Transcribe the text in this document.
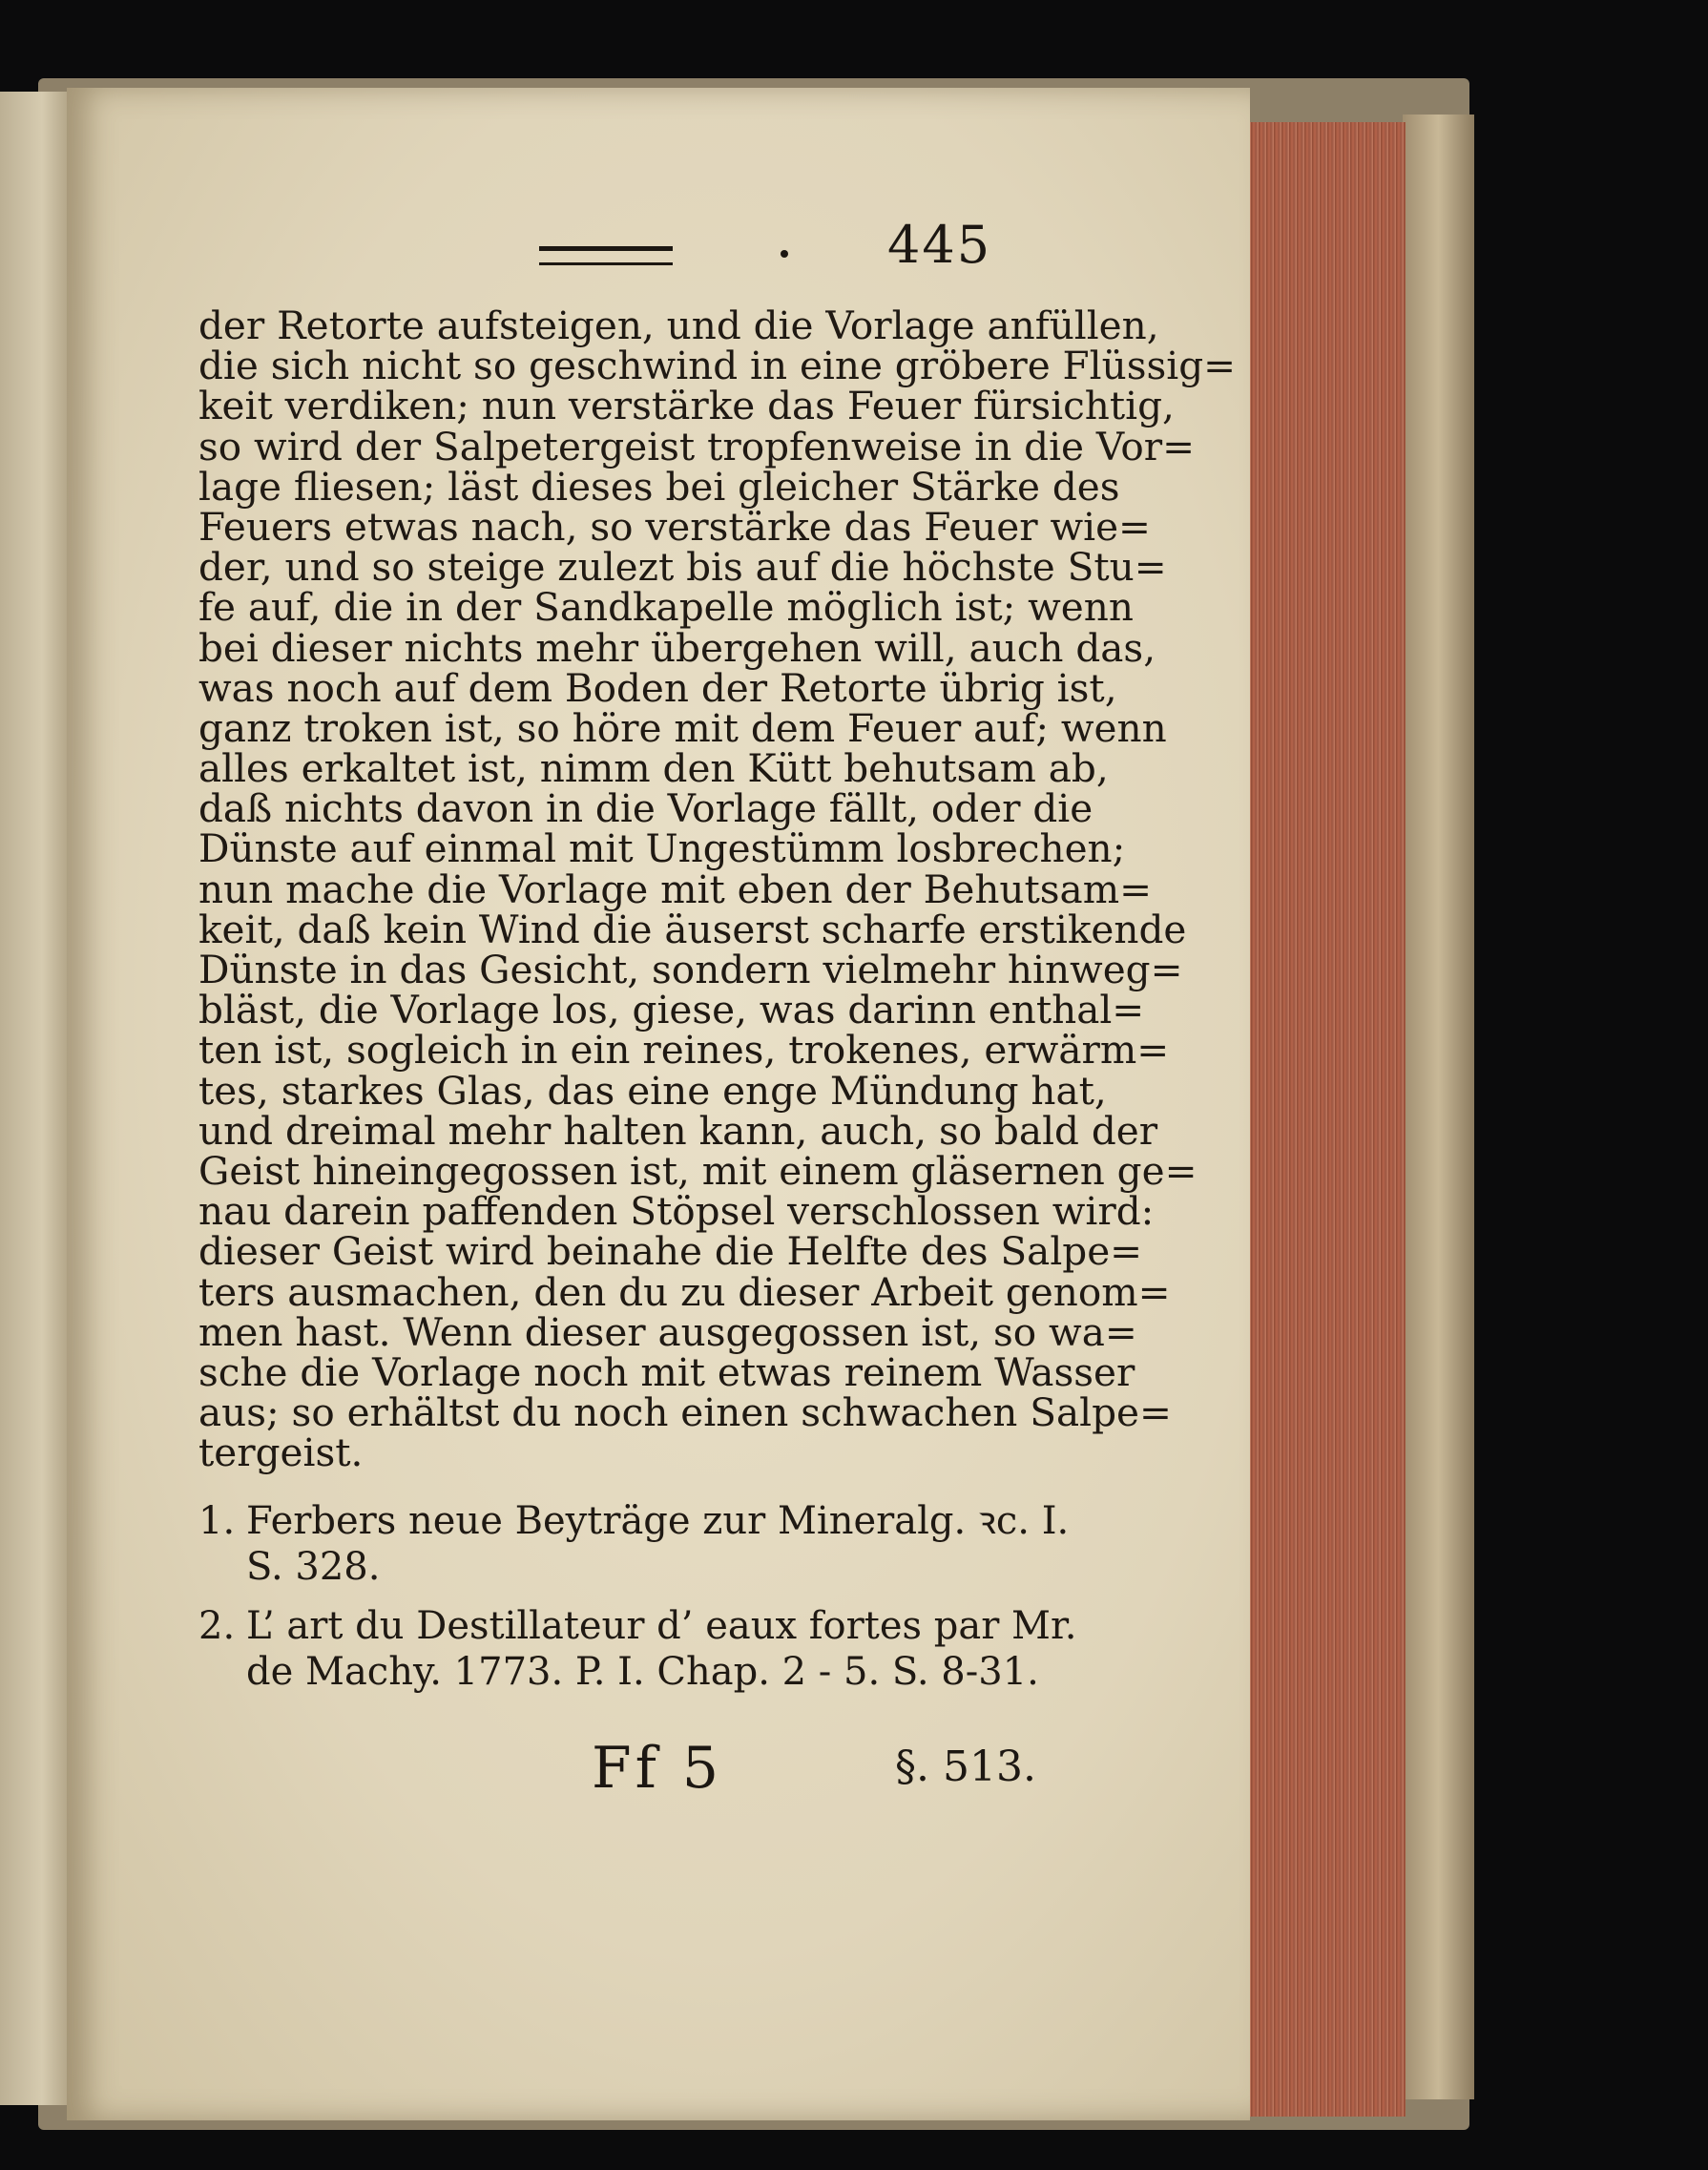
445
der Retorte aufsteigen, und die Vorlage anfüllen,
die sich nicht so geschwind in eine gröbere Flüssig=
keit verdiken; nun verstärke das Feuer fürsichtig,
so wird der Salpetergeist tropfenweise in die Vor=
lage fliesen; läst dieses bei gleicher Stärke des
Feuers etwas nach, so verstärke das Feuer wie=
der, und so steige zulezt bis auf die höchste Stu=
fe auf, die in der Sandkapelle möglich ist; wenn
bei dieser nichts mehr übergehen will, auch das,
was noch auf dem Boden der Retorte übrig ist,
ganz troken ist, so höre mit dem Feuer auf; wenn
alles erkaltet ist, nimm den Kütt behutsam ab,
daß nichts davon in die Vorlage fällt, oder die
Dünste auf einmal mit Ungestümm losbrechen;
nun mache die Vorlage mit eben der Behutsam=
keit, daß kein Wind die äuserst scharfe erstikende
Dünste in das Gesicht, sondern vielmehr hinweg=
bläst, die Vorlage los, giese, was darinn enthal=
ten ist, sogleich in ein reines, trokenes, erwärm=
tes, starkes Glas, das eine enge Mündung hat,
und dreimal mehr halten kann, auch, so bald der
Geist hineingegossen ist, mit einem gläsernen ge=
nau darein paffenden Stöpsel verschlossen wird:
dieser Geist wird beinahe die Helfte des Salpe=
ters ausmachen, den du zu dieser Arbeit genom=
men hast. Wenn dieser ausgegossen ist, so wa=
sche die Vorlage noch mit etwas reinem Wasser
aus; so erhältst du noch einen schwachen Salpe=
tergeist.
1. Ferbers neue Beyträge zur Mineralg. ꝛc. I.
S. 328.
2. L’ art du Destillateur d’ eaux fortes par Mr.
de Machy. 1773. P. I. Chap. 2 - 5. S. 8-31.
Ff 5	§. 513.
